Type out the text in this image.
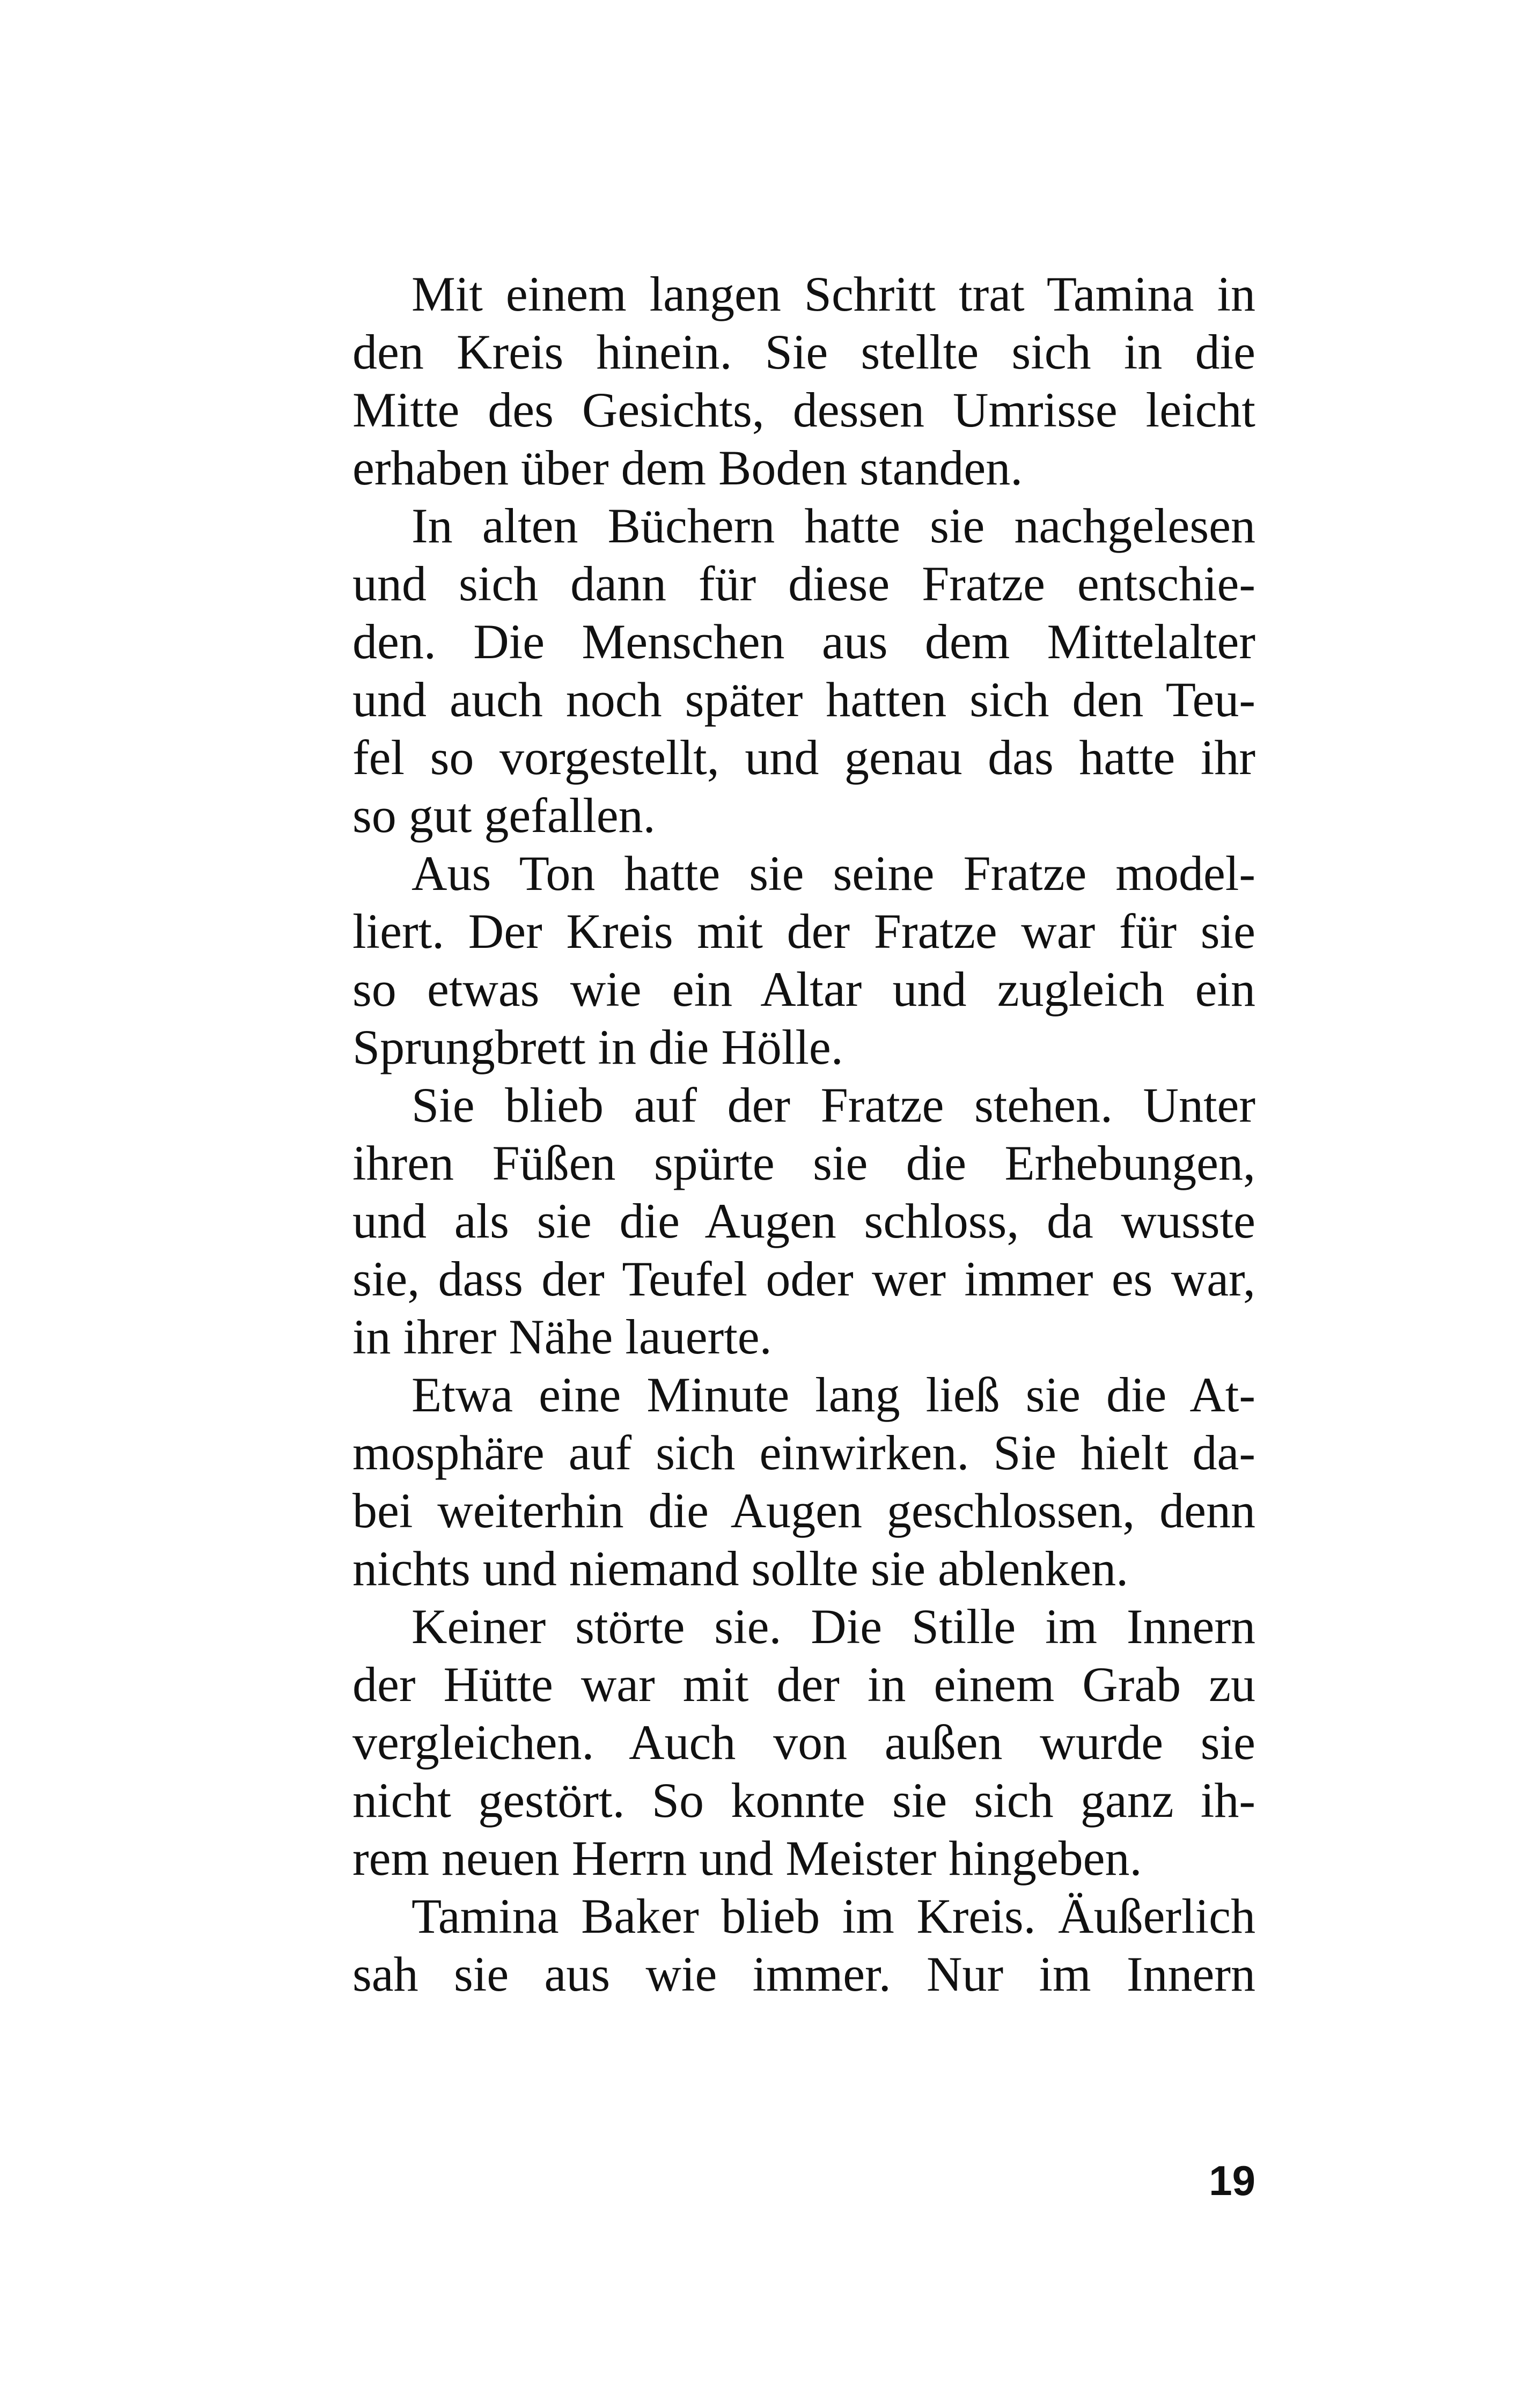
Mit einem langen Schritt trat Tamina in
den Kreis hinein. Sie stellte sich in die
Mitte des Gesichts, dessen Umrisse leicht
erhaben über dem Boden standen.
In alten Büchern hatte sie nachgelesen
und sich dann für diese Fratze entschie-
den. Die Menschen aus dem Mittelalter
und auch noch später hatten sich den Teu-
fel so vorgestellt, und genau das hatte ihr
so gut gefallen.
Aus Ton hatte sie seine Fratze model-
liert. Der Kreis mit der Fratze war für sie
so etwas wie ein Altar und zugleich ein
Sprungbrett in die Hölle.
Sie blieb auf der Fratze stehen. Unter
ihren Füßen spürte sie die Erhebungen,
und als sie die Augen schloss, da wusste
sie, dass der Teufel oder wer immer es war,
in ihrer Nähe lauerte.
Etwa eine Minute lang ließ sie die At-
mosphäre auf sich einwirken. Sie hielt da-
bei weiterhin die Augen geschlossen, denn
nichts und niemand sollte sie ablenken.
Keiner störte sie. Die Stille im Innern
der Hütte war mit der in einem Grab zu
vergleichen. Auch von außen wurde sie
nicht gestört. So konnte sie sich ganz ih-
rem neuen Herrn und Meister hingeben.
Tamina Baker blieb im Kreis. Äußerlich
sah sie aus wie immer. Nur im Innern
19
